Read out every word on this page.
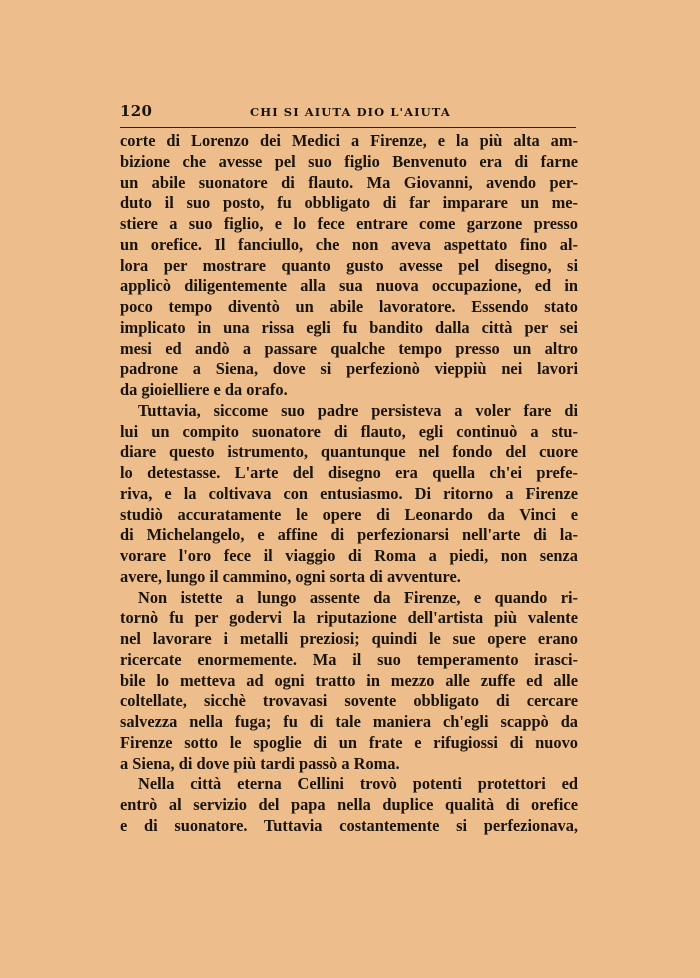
120	CHI SI AIUTA DIO L'AIUTA
corte di Lorenzo dei Medici a Firenze, e la più alta am-
bizione che avesse pel suo figlio Benvenuto era di farne
un abile suonatore di flauto. Ma Giovanni, avendo per-
duto il suo posto, fu obbligato di far imparare un me-
stiere a suo figlio, e lo fece entrare come garzone presso
un orefice. Il fanciullo, che non aveva aspettato fino al-
lora per mostrare quanto gusto avesse pel disegno, si
applicò diligentemente alla sua nuova occupazione, ed in
poco tempo diventò un abile lavoratore. Essendo stato
implicato in una rissa egli fu bandito dalla città per sei
mesi ed andò a passare qualche tempo presso un altro
padrone a Siena, dove si perfezionò vieppiù nei lavori
da gioielliere e da orafo.
Tuttavia, siccome suo padre persisteva a voler fare di
lui un compito suonatore di flauto, egli continuò a stu-
diare questo istrumento, quantunque nel fondo del cuore
lo detestasse. L'arte del disegno era quella ch'ei prefe-
riva, e la coltivava con entusiasmo. Di ritorno a Firenze
studiò accuratamente le opere di Leonardo da Vinci e
di Michelangelo, e affine di perfezionarsi nell'arte di la-
vorare l'oro fece il viaggio di Roma a piedi, non senza
avere, lungo il cammino, ogni sorta di avventure.
Non istette a lungo assente da Firenze, e quando ri-
tornò fu per godervi la riputazione dell'artista più valente
nel lavorare i metalli preziosi; quindi le sue opere erano
ricercate enormemente. Ma il suo temperamento irasci-
bile lo metteva ad ogni tratto in mezzo alle zuffe ed alle
coltellate, sicchè trovavasi sovente obbligato di cercare
salvezza nella fuga; fu di tale maniera ch'egli scappò da
Firenze sotto le spoglie di un frate e rifugiossi di nuovo
a Siena, di dove più tardi passò a Roma.
Nella città eterna Cellini trovò potenti protettori ed
entrò al servizio del papa nella duplice qualità di orefice
e di suonatore. Tuttavia costantemente si perfezionava,
